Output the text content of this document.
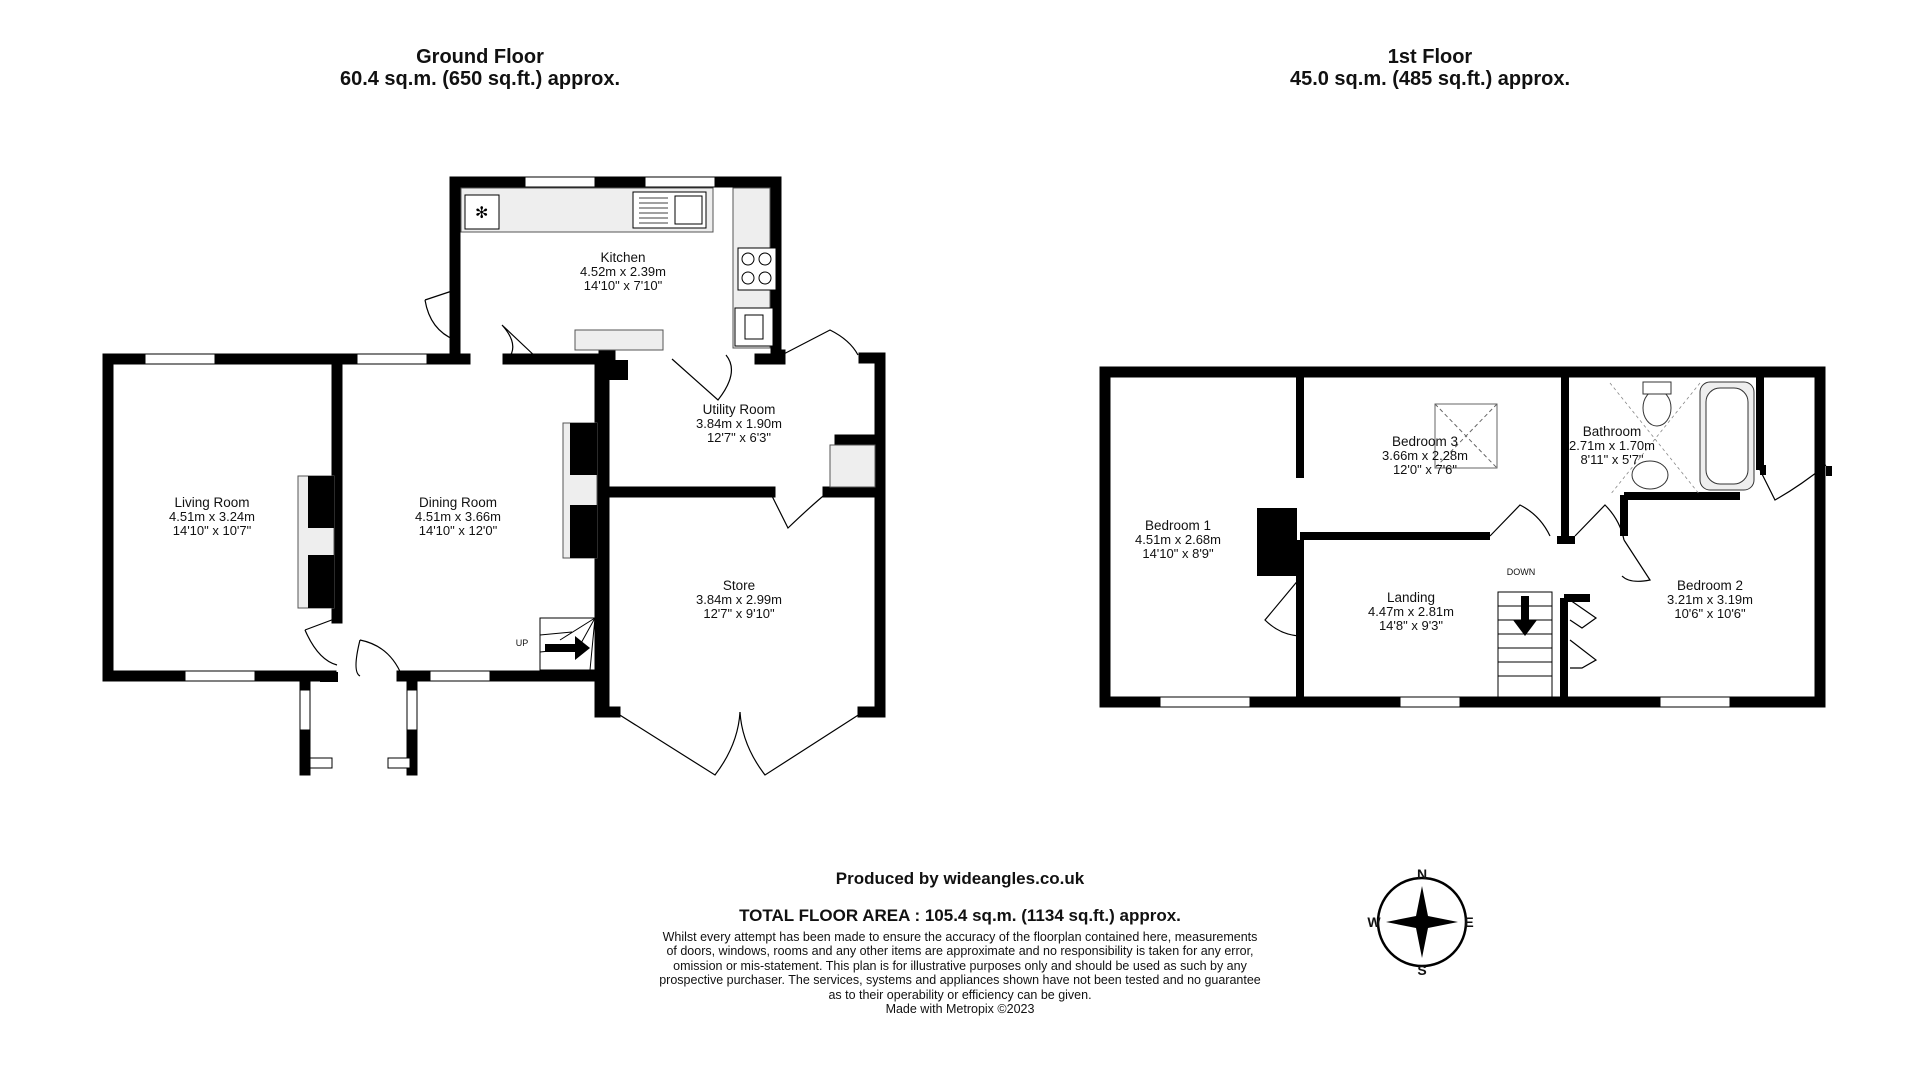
Ground Floor
60.4 sq.m. (650 sq.ft.) approx.
1st Floor
45.0 sq.m. (485 sq.ft.) approx.
✻
Kitchen
4.52m x 2.39m
14'10" x 7'10"
Living Room
4.51m x 3.24m
14'10" x 10'7"
Dining Room
4.51m x 3.66m
14'10" x 12'0"
Utility Room
3.84m x 1.90m
12'7" x 6'3"
Store
3.84m x 2.99m
12'7" x 9'10"
UP
Bedroom 1
4.51m x 2.68m
14'10" x 8'9"
Bedroom 3
3.66m x 2.28m
12'0" x 7'6"
Bathroom
2.71m x 1.70m
8'11" x 5'7"
Landing
4.47m x 2.81m
14'8" x 9'3"
Bedroom 2
3.21m x 3.19m
10'6" x 10'6"
DOWN
Produced by wideangles.co.uk
TOTAL FLOOR AREA : 105.4 sq.m. (1134 sq.ft.) approx.
Whilst every attempt has been made to ensure the accuracy of the floorplan contained here, measurements
of doors, windows, rooms and any other items are approximate and no responsibility is taken for any error,
omission or mis-statement. This plan is for illustrative purposes only and should be used as such by any
prospective purchaser. The services, systems and appliances shown have not been tested and no guarantee
as to their operability or efficiency can be given.
Made with Metropix ©2023
N
S
E
W
